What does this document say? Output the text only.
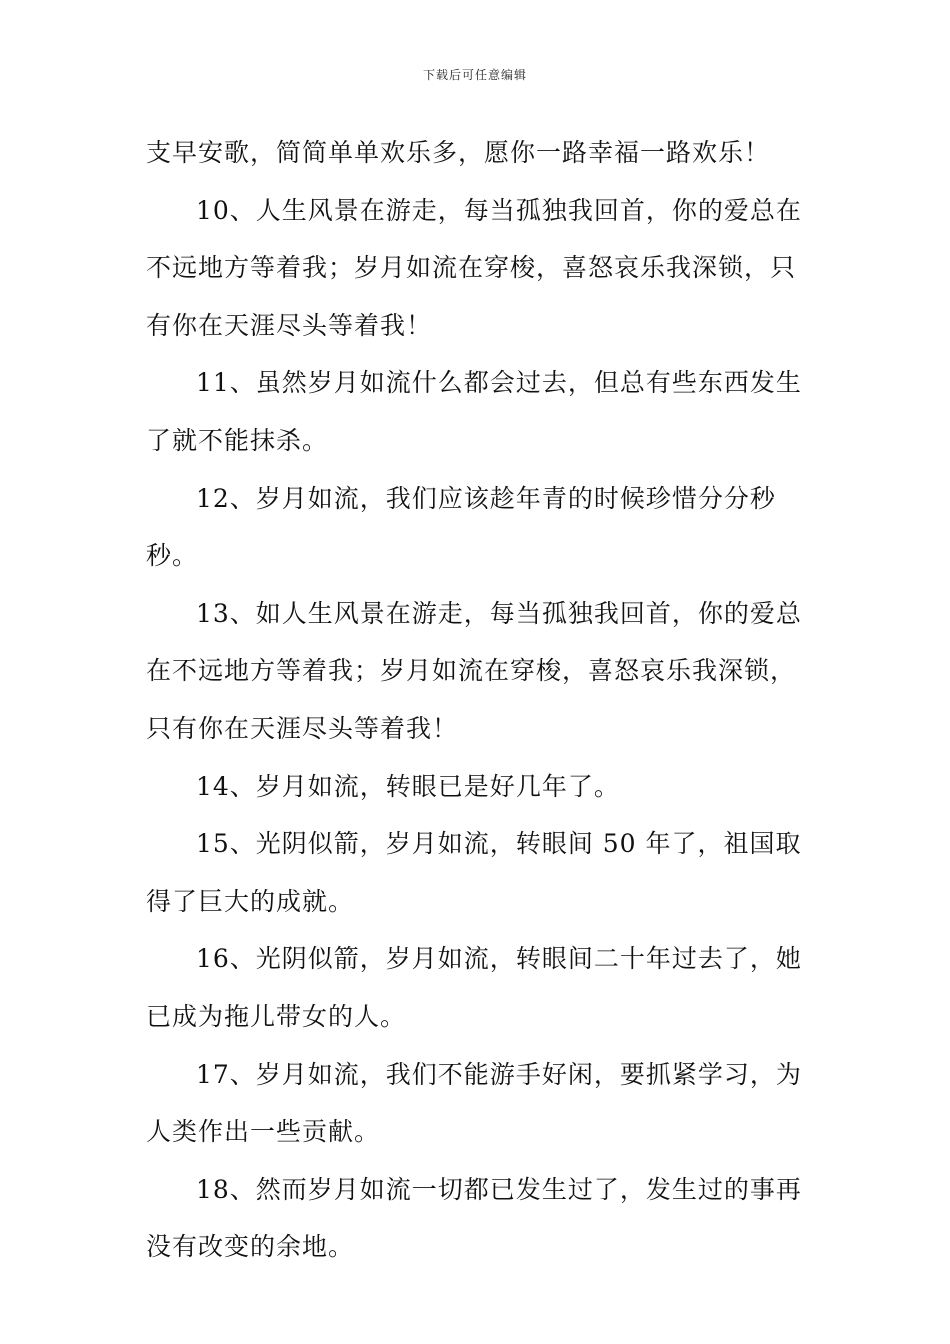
下载后可任意编辑

支早安歌，简简单单欢乐多，愿你一路幸福一路欢乐！

10、人生风景在游走，每当孤独我回首，你的爱总在不远地方等着我；岁月如流在穿梭，喜怒哀乐我深锁，只有你在天涯尽头等着我！

11、虽然岁月如流什么都会过去，但总有些东西发生了就不能抹杀。

12、岁月如流，我们应该趁年青的时候珍惜分分秒秒。

13、如人生风景在游走，每当孤独我回首，你的爱总在不远地方等着我；岁月如流在穿梭，喜怒哀乐我深锁，只有你在天涯尽头等着我！

14、岁月如流，转眼已是好几年了。

15、光阴似箭，岁月如流，转眼间 50 年了，祖国取得了巨大的成就。

16、光阴似箭，岁月如流，转眼间二十年过去了，她已成为拖儿带女的人。

17、岁月如流，我们不能游手好闲，要抓紧学习，为人类作出一些贡献。

18、然而岁月如流一切都已发生过了，发生过的事再没有改变的余地。
